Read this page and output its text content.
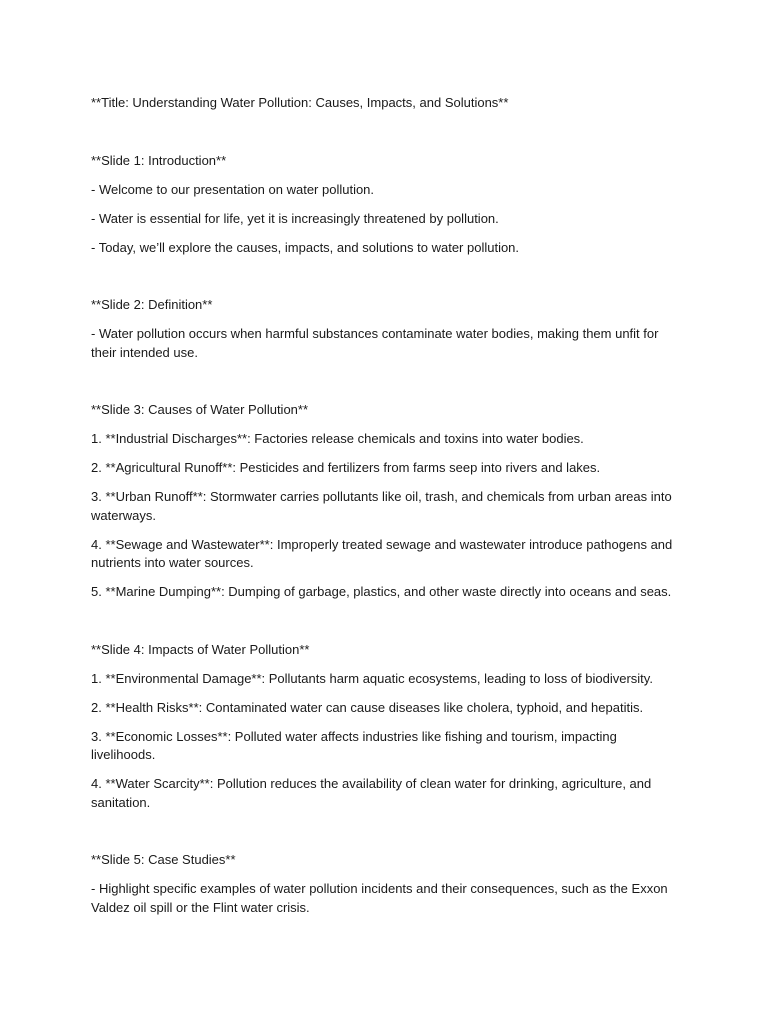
**Title: Understanding Water Pollution: Causes, Impacts, and Solutions**

**Slide 1: Introduction**

- Welcome to our presentation on water pollution.

- Water is essential for life, yet it is increasingly threatened by pollution.

- Today, we’ll explore the causes, impacts, and solutions to water pollution.

**Slide 2: Definition**

- Water pollution occurs when harmful substances contaminate water bodies, making them unfit for their intended use.

**Slide 3: Causes of Water Pollution**

1. **Industrial Discharges**: Factories release chemicals and toxins into water bodies.

2. **Agricultural Runoff**: Pesticides and fertilizers from farms seep into rivers and lakes.

3. **Urban Runoff**: Stormwater carries pollutants like oil, trash, and chemicals from urban areas into waterways.

4. **Sewage and Wastewater**: Improperly treated sewage and wastewater introduce pathogens and nutrients into water sources.

5. **Marine Dumping**: Dumping of garbage, plastics, and other waste directly into oceans and seas.

**Slide 4: Impacts of Water Pollution**

1. **Environmental Damage**: Pollutants harm aquatic ecosystems, leading to loss of biodiversity.

2. **Health Risks**: Contaminated water can cause diseases like cholera, typhoid, and hepatitis.

3. **Economic Losses**: Polluted water affects industries like fishing and tourism, impacting livelihoods.

4. **Water Scarcity**: Pollution reduces the availability of clean water for drinking, agriculture, and sanitation.

**Slide 5: Case Studies**

- Highlight specific examples of water pollution incidents and their consequences, such as the Exxon Valdez oil spill or the Flint water crisis.
